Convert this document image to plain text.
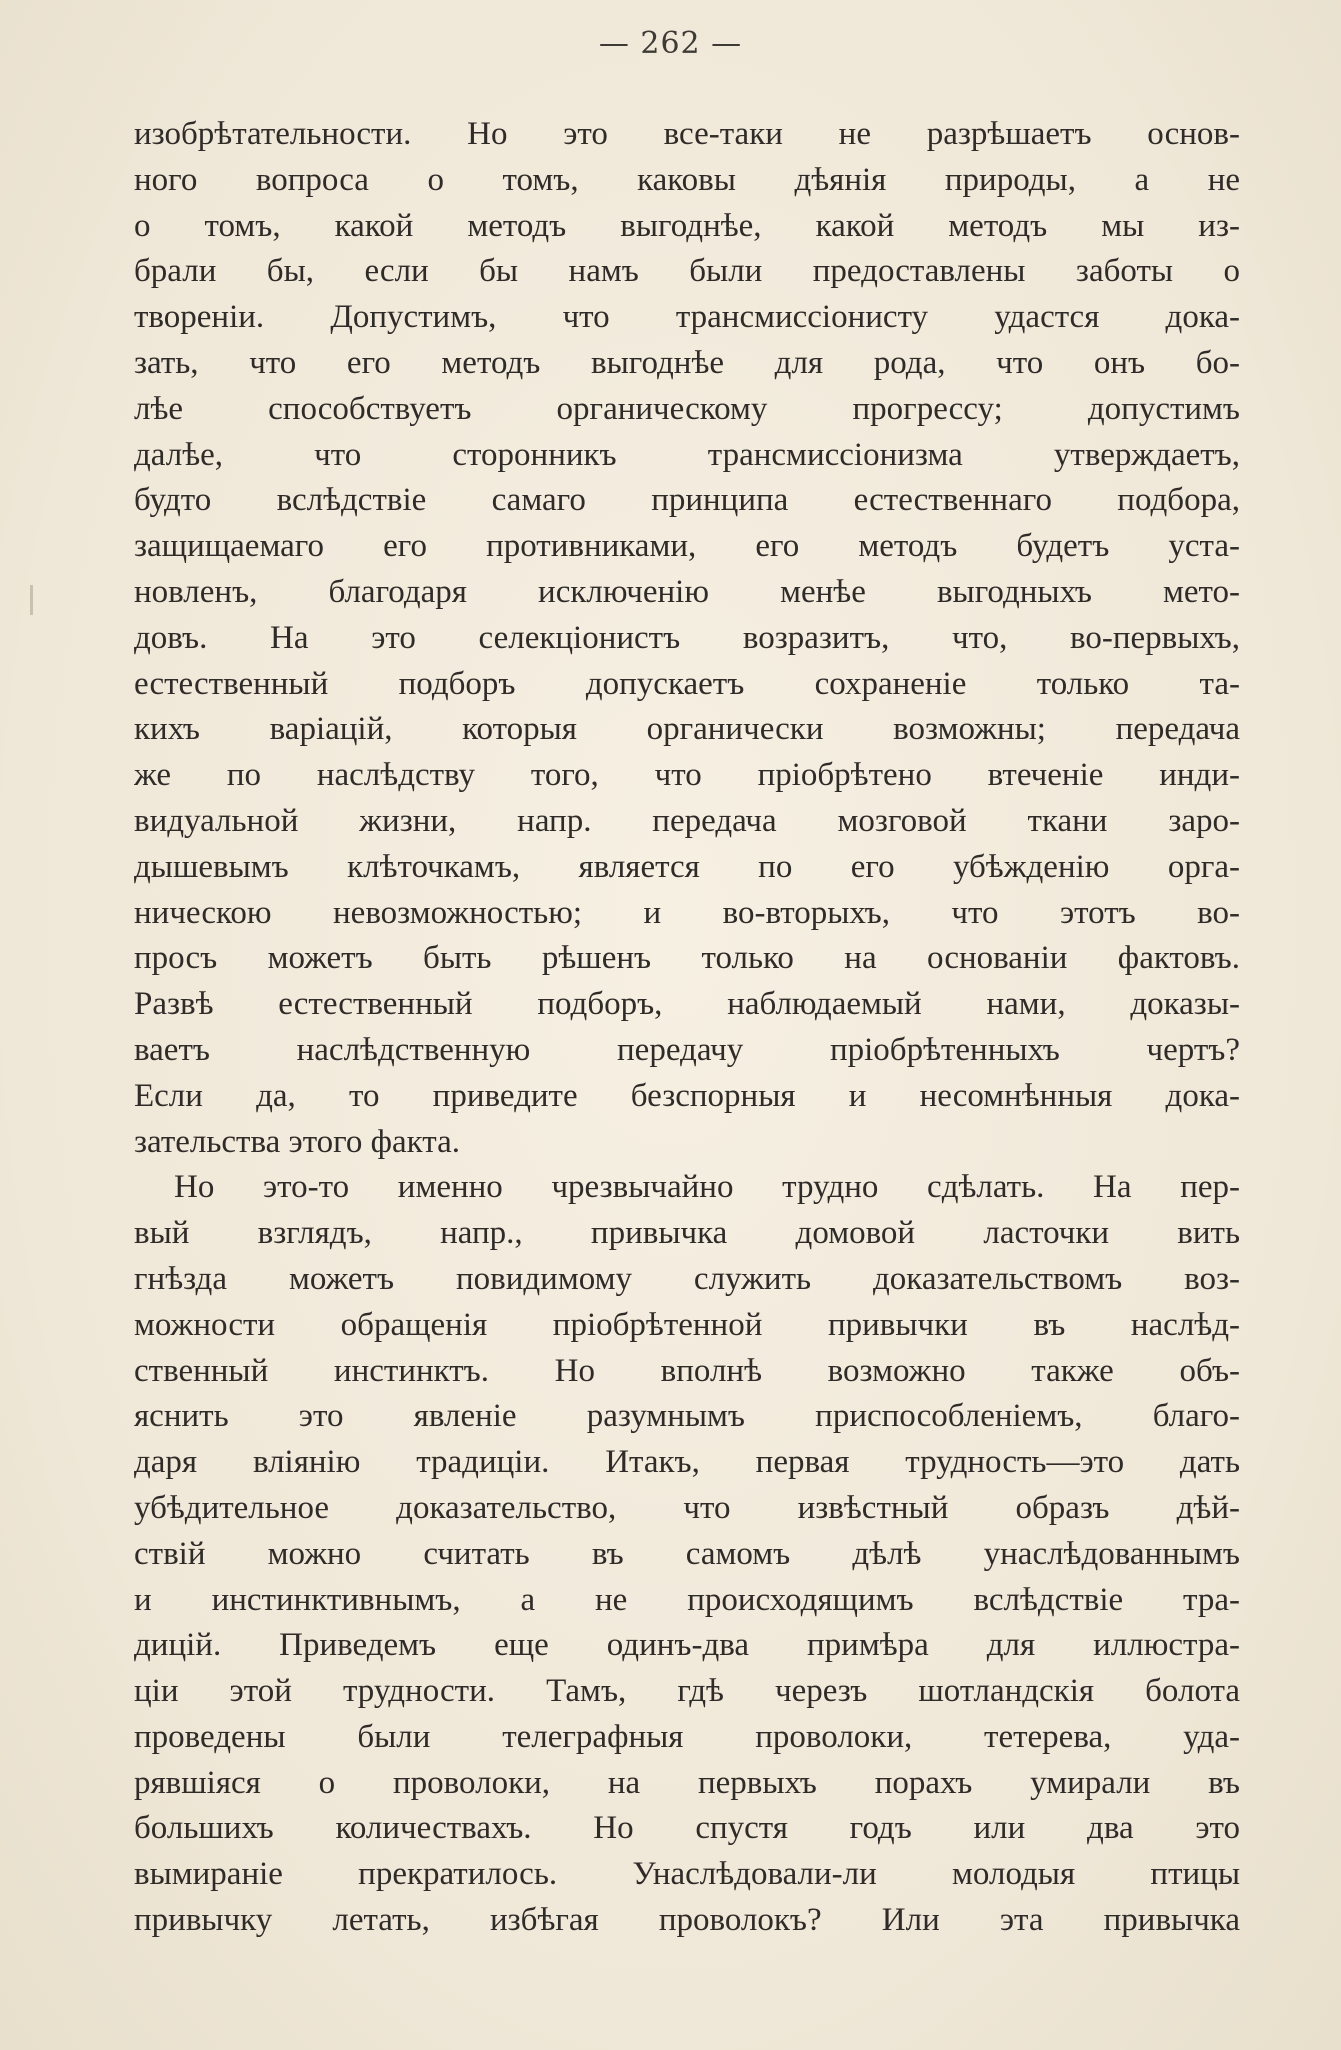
— 262 —
изобрѣтательности. Но это все-таки не разрѣшаетъ основ-
ного вопроса о томъ, каковы дѣянія природы, а не
о томъ, какой методъ выгоднѣе, какой методъ мы из-
брали бы, если бы намъ были предоставлены заботы о
твореніи. Допустимъ, что трансмиссіонисту удастся дока-
зать, что его методъ выгоднѣе для рода, что онъ бо-
лѣе способствуетъ органическому прогрессу; допустимъ
далѣе, что сторонникъ трансмиссіонизма утверждаетъ,
будто вслѣдствіе самаго принципа естественнаго подбора,
защищаемаго его противниками, его методъ будетъ уста-
новленъ, благодаря исключенію менѣе выгодныхъ мето-
довъ. На это селекціонистъ возразитъ, что, во-первыхъ,
естественный подборъ допускаетъ сохраненіе только та-
кихъ варіацій, которыя органически возможны; передача
же по наслѣдству того, что пріобрѣтено втеченіе инди-
видуальной жизни, напр. передача мозговой ткани заро-
дышевымъ клѣточкамъ, является по его убѣжденію орга-
ническою невозможностью; и во-вторыхъ, что этотъ во-
просъ можетъ быть рѣшенъ только на основаніи фактовъ.
Развѣ естественный подборъ, наблюдаемый нами, доказы-
ваетъ наслѣдственную передачу пріобрѣтенныхъ чертъ?
Если да, то приведите безспорныя и несомнѣнныя дока-
зательства этого факта.
Но это-то именно чрезвычайно трудно сдѣлать. На пер-
вый взглядъ, напр., привычка домовой ласточки вить
гнѣзда можетъ повидимому служить доказательствомъ воз-
можности обращенія пріобрѣтенной привычки въ наслѣд-
ственный инстинктъ. Но вполнѣ возможно также объ-
яснить это явленіе разумнымъ приспособленіемъ, благо-
даря вліянію традиціи. Итакъ, первая трудность—это дать
убѣдительное доказательство, что извѣстный образъ дѣй-
ствій можно считать въ самомъ дѣлѣ унаслѣдованнымъ
и инстинктивнымъ, а не происходящимъ вслѣдствіе тра-
дицій. Приведемъ еще одинъ-два примѣра для иллюстра-
ціи этой трудности. Тамъ, гдѣ черезъ шотландскія болота
проведены были телеграфныя проволоки, тетерева, уда-
рявшіяся о проволоки, на первыхъ порахъ умирали въ
большихъ количествахъ. Но спустя годъ или два это
вымираніе прекратилось. Унаслѣдовали-ли молодыя птицы
привычку летать, избѣгая проволокъ? Или эта привычка
